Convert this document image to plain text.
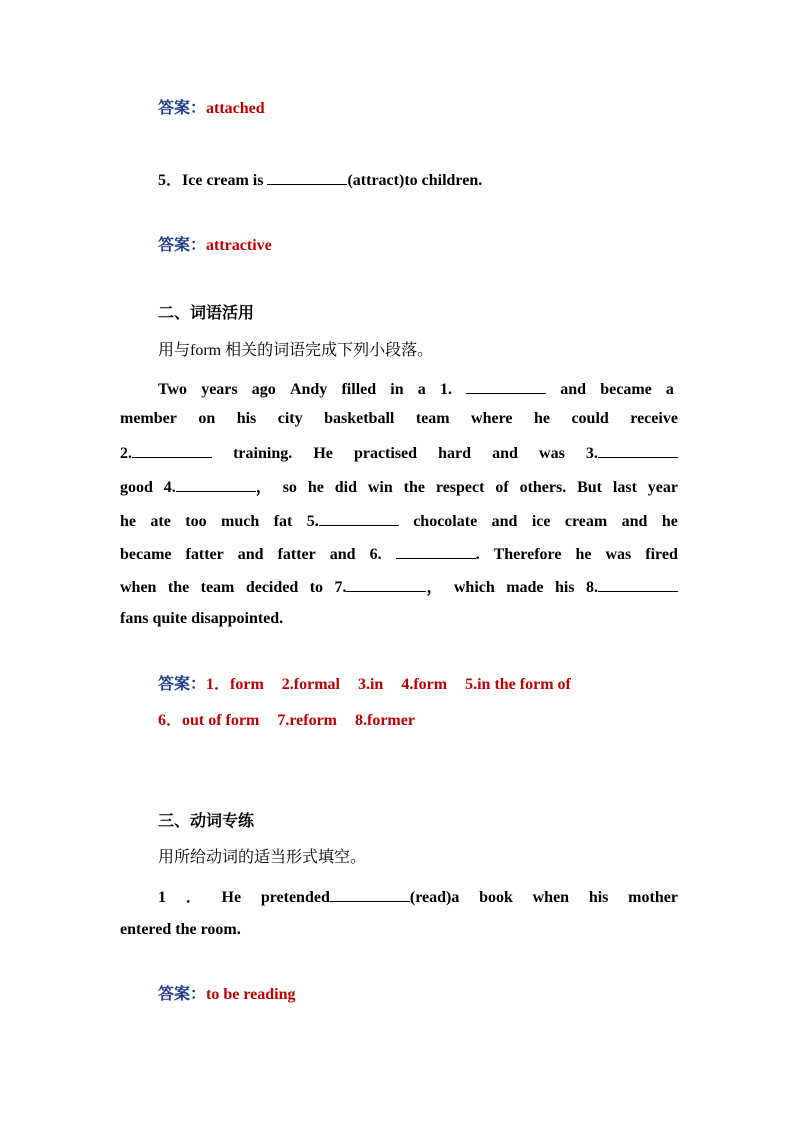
答案：attached
5．Ice cream is	(attract)to children.
答案：attractive
二、词语活用
用与form 相关的词语完成下列小段落。
Two years ago Andy filled in a 1.	and became a
member on his city basketball team where he could receive
2.	training. He practised hard and was 3.
good 4.	， so he did win the respect of others. But last year
he ate too much fat 5.	chocolate and ice cream and he
became fatter and fatter and 6.	. Therefore he was fired
when the team decided to 7.	， which made his 8.
fans quite disappointed.
答案：1．form 2.formal 3.in 4.form 5.in the form of
6．out of form 7.reform 8.former
三、动词专练
用所给动词的适当形式填空。
1 ． He pretended	(read)a book when his mother
entered the room.
答案：to be reading
